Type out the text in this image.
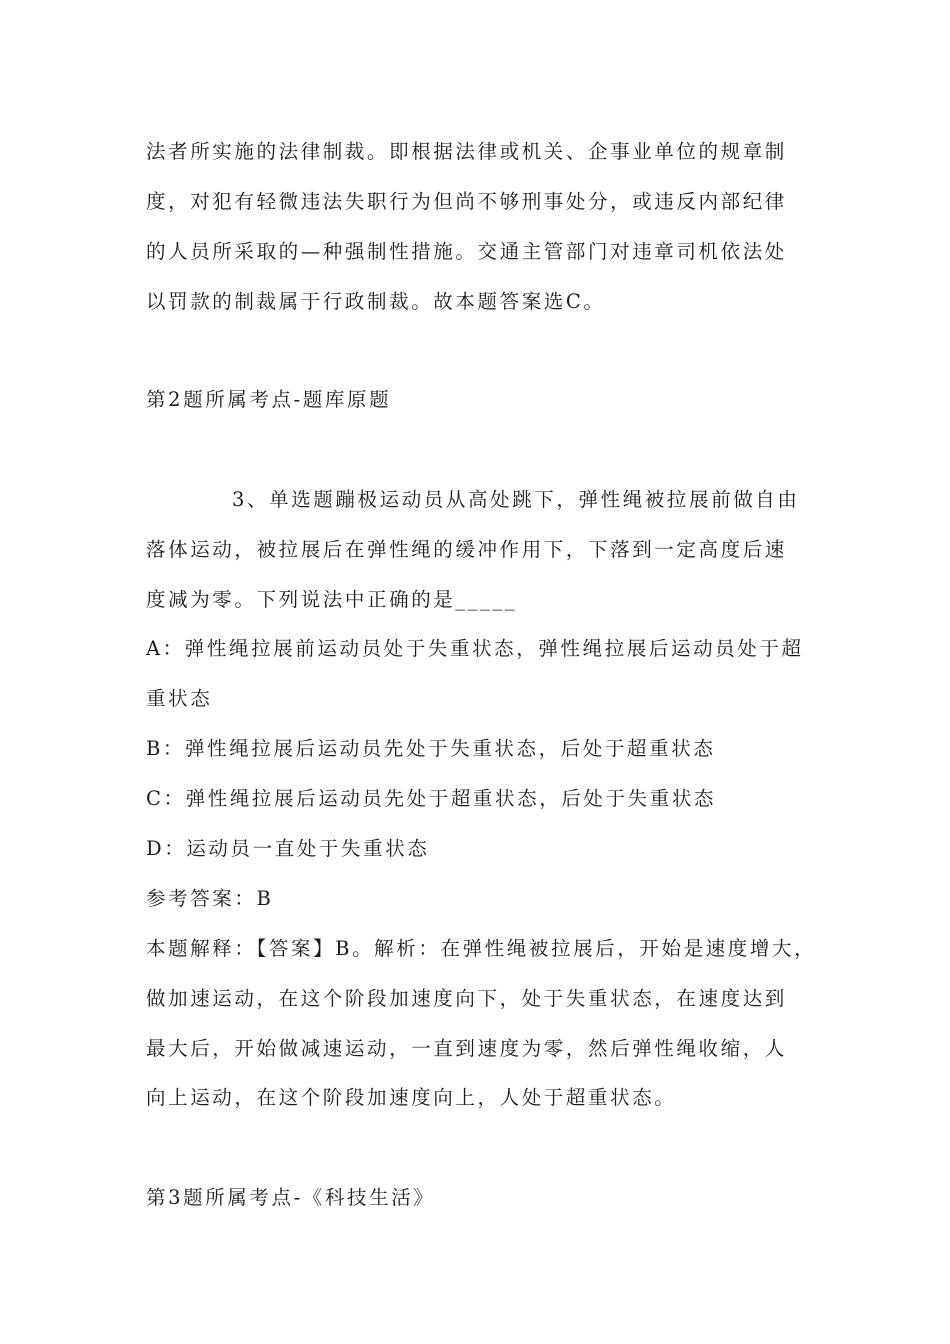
法者所实施的法律制裁。即根据法律或机关、企事业单位的规章制
度，对犯有轻微违法失职行为但尚不够刑事处分，或违反内部纪律
的人员所采取的—种强制性措施。交通主管部门对违章司机依法处
以罚款的制裁属于行政制裁。故本题答案选C。
第2题所属考点-题库原题
3、单选题蹦极运动员从高处跳下，弹性绳被拉展前做自由
落体运动，被拉展后在弹性绳的缓冲作用下，下落到一定高度后速
度减为零。下列说法中正确的是_____
A：弹性绳拉展前运动员处于失重状态，弹性绳拉展后运动员处于超
重状态
B：弹性绳拉展后运动员先处于失重状态，后处于超重状态
C：弹性绳拉展后运动员先处于超重状态，后处于失重状态
D：运动员一直处于失重状态
参考答案：B
本题解释：【答案】B。解析：在弹性绳被拉展后，开始是速度增大，
做加速运动，在这个阶段加速度向下，处于失重状态，在速度达到
最大后，开始做减速运动，一直到速度为零，然后弹性绳收缩，人
向上运动，在这个阶段加速度向上，人处于超重状态。
第3题所属考点-《科技生活》
